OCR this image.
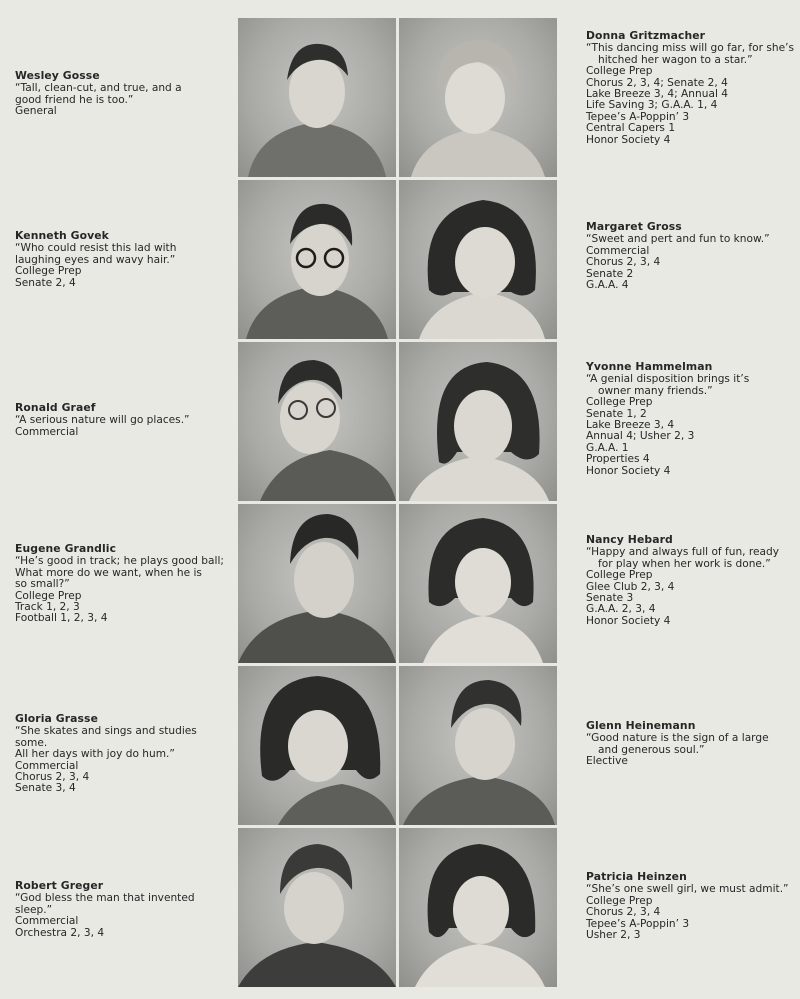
Wesley Gosse
“Tall, clean-cut, and true, and a
good friend he is too.”
General
Kenneth Govek
“Who could resist this lad with
laughing eyes and wavy hair.”
College Prep
Senate 2, 4
Ronald Graef
“A serious nature will go places.”
Commercial
Eugene Grandlic
“He’s good in track; he plays good ball;
What more do we want, when he is
so small?”
College Prep
Track 1, 2, 3
Football 1, 2, 3, 4
Gloria Grasse
“She skates and sings and studies some.
All her days with joy do hum.”
Commercial
Chorus 2, 3, 4
Senate 3, 4
Robert Greger
“God bless the man that invented
sleep.”
Commercial
Orchestra 2, 3, 4
Donna Gritzmacher
“This dancing miss will go far, for she’s
hitched her wagon to a star.”
College Prep
Chorus 2, 3, 4; Senate 2, 4
Lake Breeze 3, 4; Annual 4
Life Saving 3; G.A.A. 1, 4
Tepee’s A-Poppin’ 3
Central Capers 1
Honor Society 4
Margaret Gross
“Sweet and pert and fun to know.”
Commercial
Chorus 2, 3, 4
Senate 2
G.A.A. 4
Yvonne Hammelman
“A genial disposition brings it’s
owner many friends.”
College Prep
Senate 1, 2
Lake Breeze 3, 4
Annual 4; Usher 2, 3
G.A.A. 1
Properties 4
Honor Society 4
Nancy Hebard
“Happy and always full of fun, ready
for play when her work is done.”
College Prep
Glee Club 2, 3, 4
Senate 3
G.A.A. 2, 3, 4
Honor Society 4
Glenn Heinemann
“Good nature is the sign of a large
and generous soul.”
Elective
Patricia Heinzen
“She’s one swell girl, we must admit.”
College Prep
Chorus 2, 3, 4
Tepee’s A-Poppin’ 3
Usher 2, 3
